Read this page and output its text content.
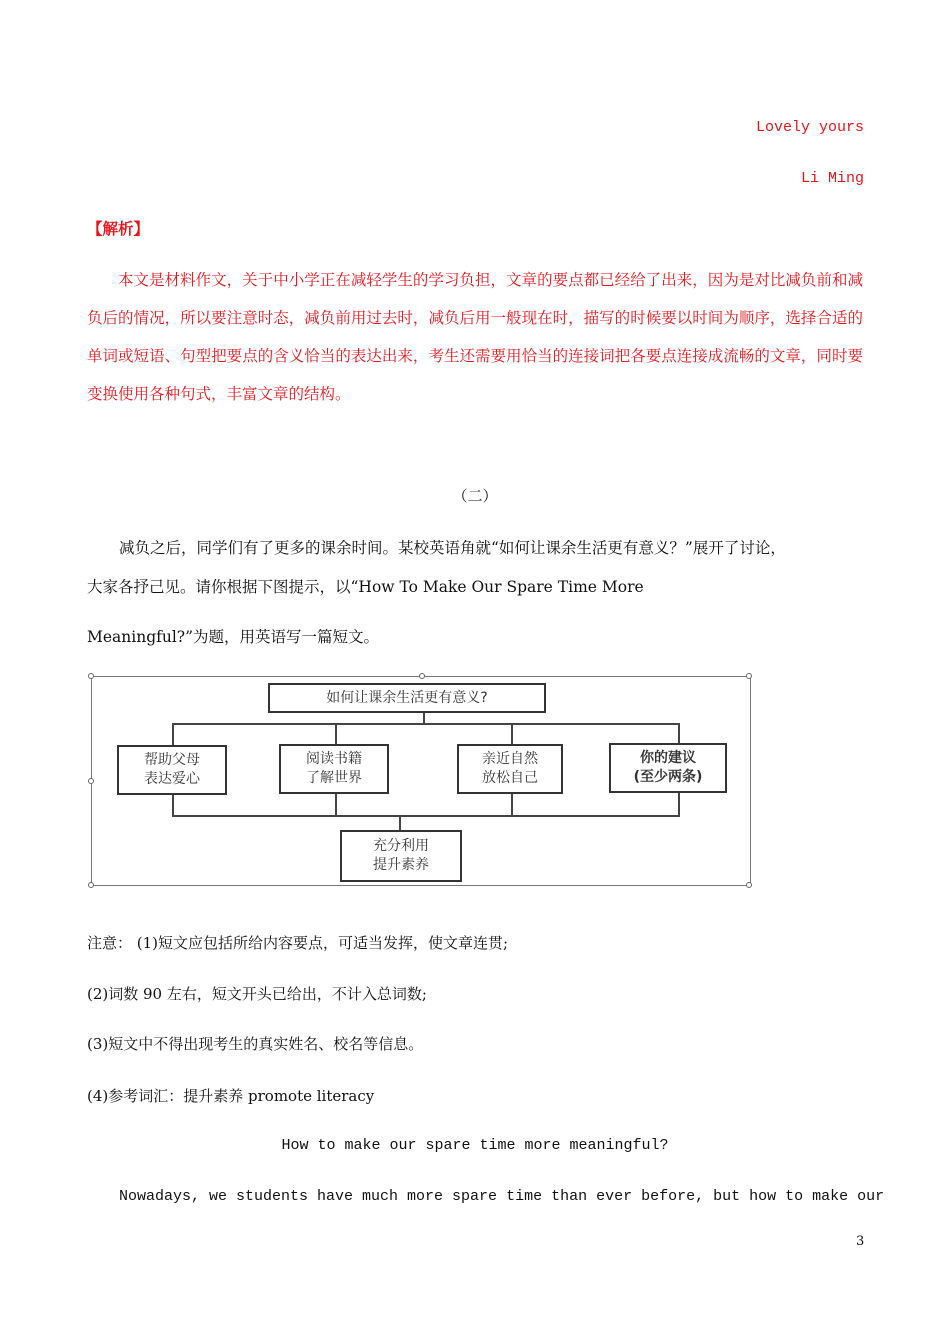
Lovely yours
Li Ming
【解析】
本文是材料作文，关于中小学正在减轻学生的学习负担，文章的要点都已经给了出来，因为是对比减负前和减负后的情况，所以要注意时态，减负前用过去时，减负后用一般现在时，描写的时候要以时间为顺序，选择合适的单词或短语、句型把要点的含义恰当的表达出来，考生还需要用恰当的连接词把各要点连接成流畅的文章，同时要变换使用各种句式，丰富文章的结构。
（二）
减负之后，同学们有了更多的课余时间。某校英语角就“如何让课余生活更有意义？”展开了讨论，
大家各抒己见。请你根据下图提示，以“How To Make Our Spare Time More
Meaningful?”为题，用英语写一篇短文。
如何让课余生活更有意义?
帮助父母
表达爱心
阅读书籍
了解世界
亲近自然
放松自己
你的建议
(至少两条)
充分利用
提升素养
注意： (1)短文应包括所给内容要点，可适当发挥，使文章连贯;
(2)词数 90 左右，短文开头已给出，不计入总词数;
(3)短文中不得出现考生的真实姓名、校名等信息。
(4)参考词汇：提升素养 promote literacy
How to make our spare time more meaningful?
Nowadays, we students have much more spare time than ever before, but how to make our
3
